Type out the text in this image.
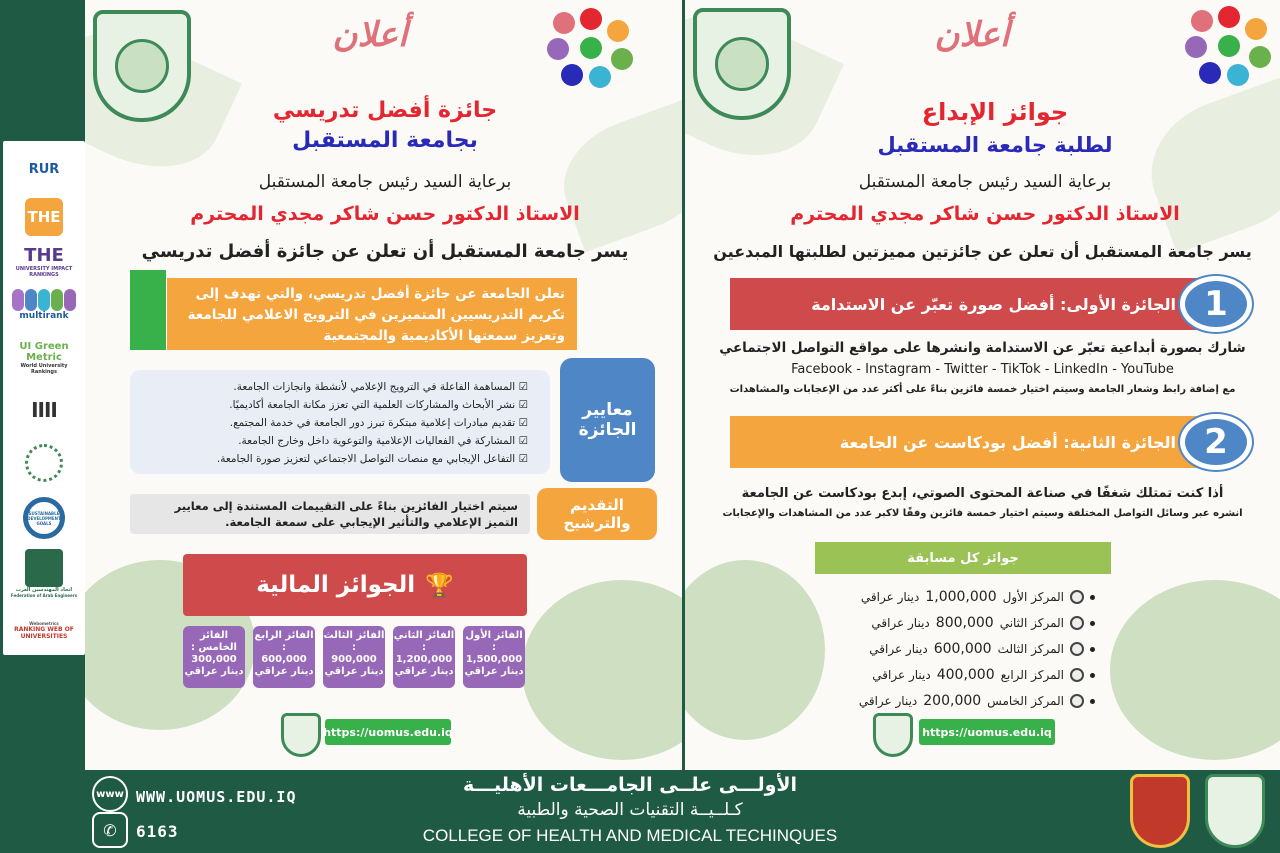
RUR
THE
THE
UNIVERSITY IMPACT RANKINGS
multirank
UI Green Metric
World University Rankings
IIII
SUSTAINABLE DEVELOPMENT GOALS
اتحاد المهندسين العرب
Federation of Arab Engineers
Webometrics
RANKING WEB OF UNIVERSITIES
أعلان
جائزة أفضل تدريسي
بجامعة المستقبل
برعاية السيد رئيس جامعة المستقبل
الاستاذ الدكتور حسن شاكر مجدي المحترم
يسر جامعة المستقبل أن تعلن عن جائزة أفضل تدريسي
تعلن الجامعة عن جائزة أفضل تدريسي، والتي تهدف إلى تكريم التدريسيين المتميزين في الترويج الاعلامي للجامعة وتعزيز سمعتها الأكاديمية والمجتمعية
☑ المساهمة الفاعلة في الترويج الإعلامي لأنشطة وانجازات الجامعة.
☑ نشر الأبحاث والمشاركات العلمية التي تعزز مكانة الجامعة أكاديميًا.
☑ تقديم مبادرات إعلامية مبتكرة تبرز دور الجامعة في خدمة المجتمع.
☑ المشاركة في الفعاليات الإعلامية والتوعوية داخل وخارج الجامعة.
☑ التفاعل الإيجابي مع منصات التواصل الاجتماعي لتعزيز صورة الجامعة.
معايير الجائزة
سيتم اختيار الفائزين بناءً على التقييمات المستندة إلى معايير التميز الإعلامي والتأثير الإيجابي على سمعة الجامعة.
التقديم والترشيح
🏆
الجوائز المالية
الفائز الأول :
1,500,000
دينار عراقي
الفائز الثاني :
1,200,000
دينار عراقي
الفائز الثالث :
900,000
دينار عراقي
الفائز الرابع :
600,000
دينار عراقي
الفائز الخامس :
300,000
دينار عراقي
https://uomus.edu.iq
أعلان
جوائز الإبداع
لطلبة جامعة المستقبل
برعاية السيد رئيس جامعة المستقبل
الاستاذ الدكتور حسن شاكر مجدي المحترم
يسر جامعة المستقبل أن تعلن عن جائزتين مميزتين لطلبتها المبدعين
الجائزة الأولى: أفضل صورة تعبّر عن الاستدامة 1
شارك بصورة أبداعية تعبّر عن الاستدامة وانشرها على مواقع التواصل الاجتماعي
Facebook - Instagram - Twitter - TikTok - LinkedIn - YouTube
مع إضافة رابط وشعار الجامعة وسيتم اختيار خمسة فائزين بناءً على أكثر عدد من الإعجابات والمشاهدات
الجائزة الثانية: أفضل بودكاست عن الجامعة 2
أذا كنت تمتلك شغفًا في صناعة المحتوى الصوتي، إبدع بودكاست عن الجامعة
انشره عبر وسائل التواصل المختلفة وسيتم اختيار خمسة فائزين وفقًا لاكبر عدد من المشاهدات والإعجابات
جوائز كل مسابقة
المركز الأول
1,000,000
دينار عراقي
المركز الثاني
800,000
دينار عراقي
المركز الثالث
600,000
دينار عراقي
المركز الرابع
400,000
دينار عراقي
المركز الخامس
200,000
دينار عراقي
https://uomus.edu.iq
www WWW.UOMUS.EDU.IQ
✆	6163
الأولـــى علــى الجامـــعات الأهليـــة
كـلــيــة التقنيات الصحية والطبية
COLLEGE OF HEALTH AND MEDICAL TECHINQUES
